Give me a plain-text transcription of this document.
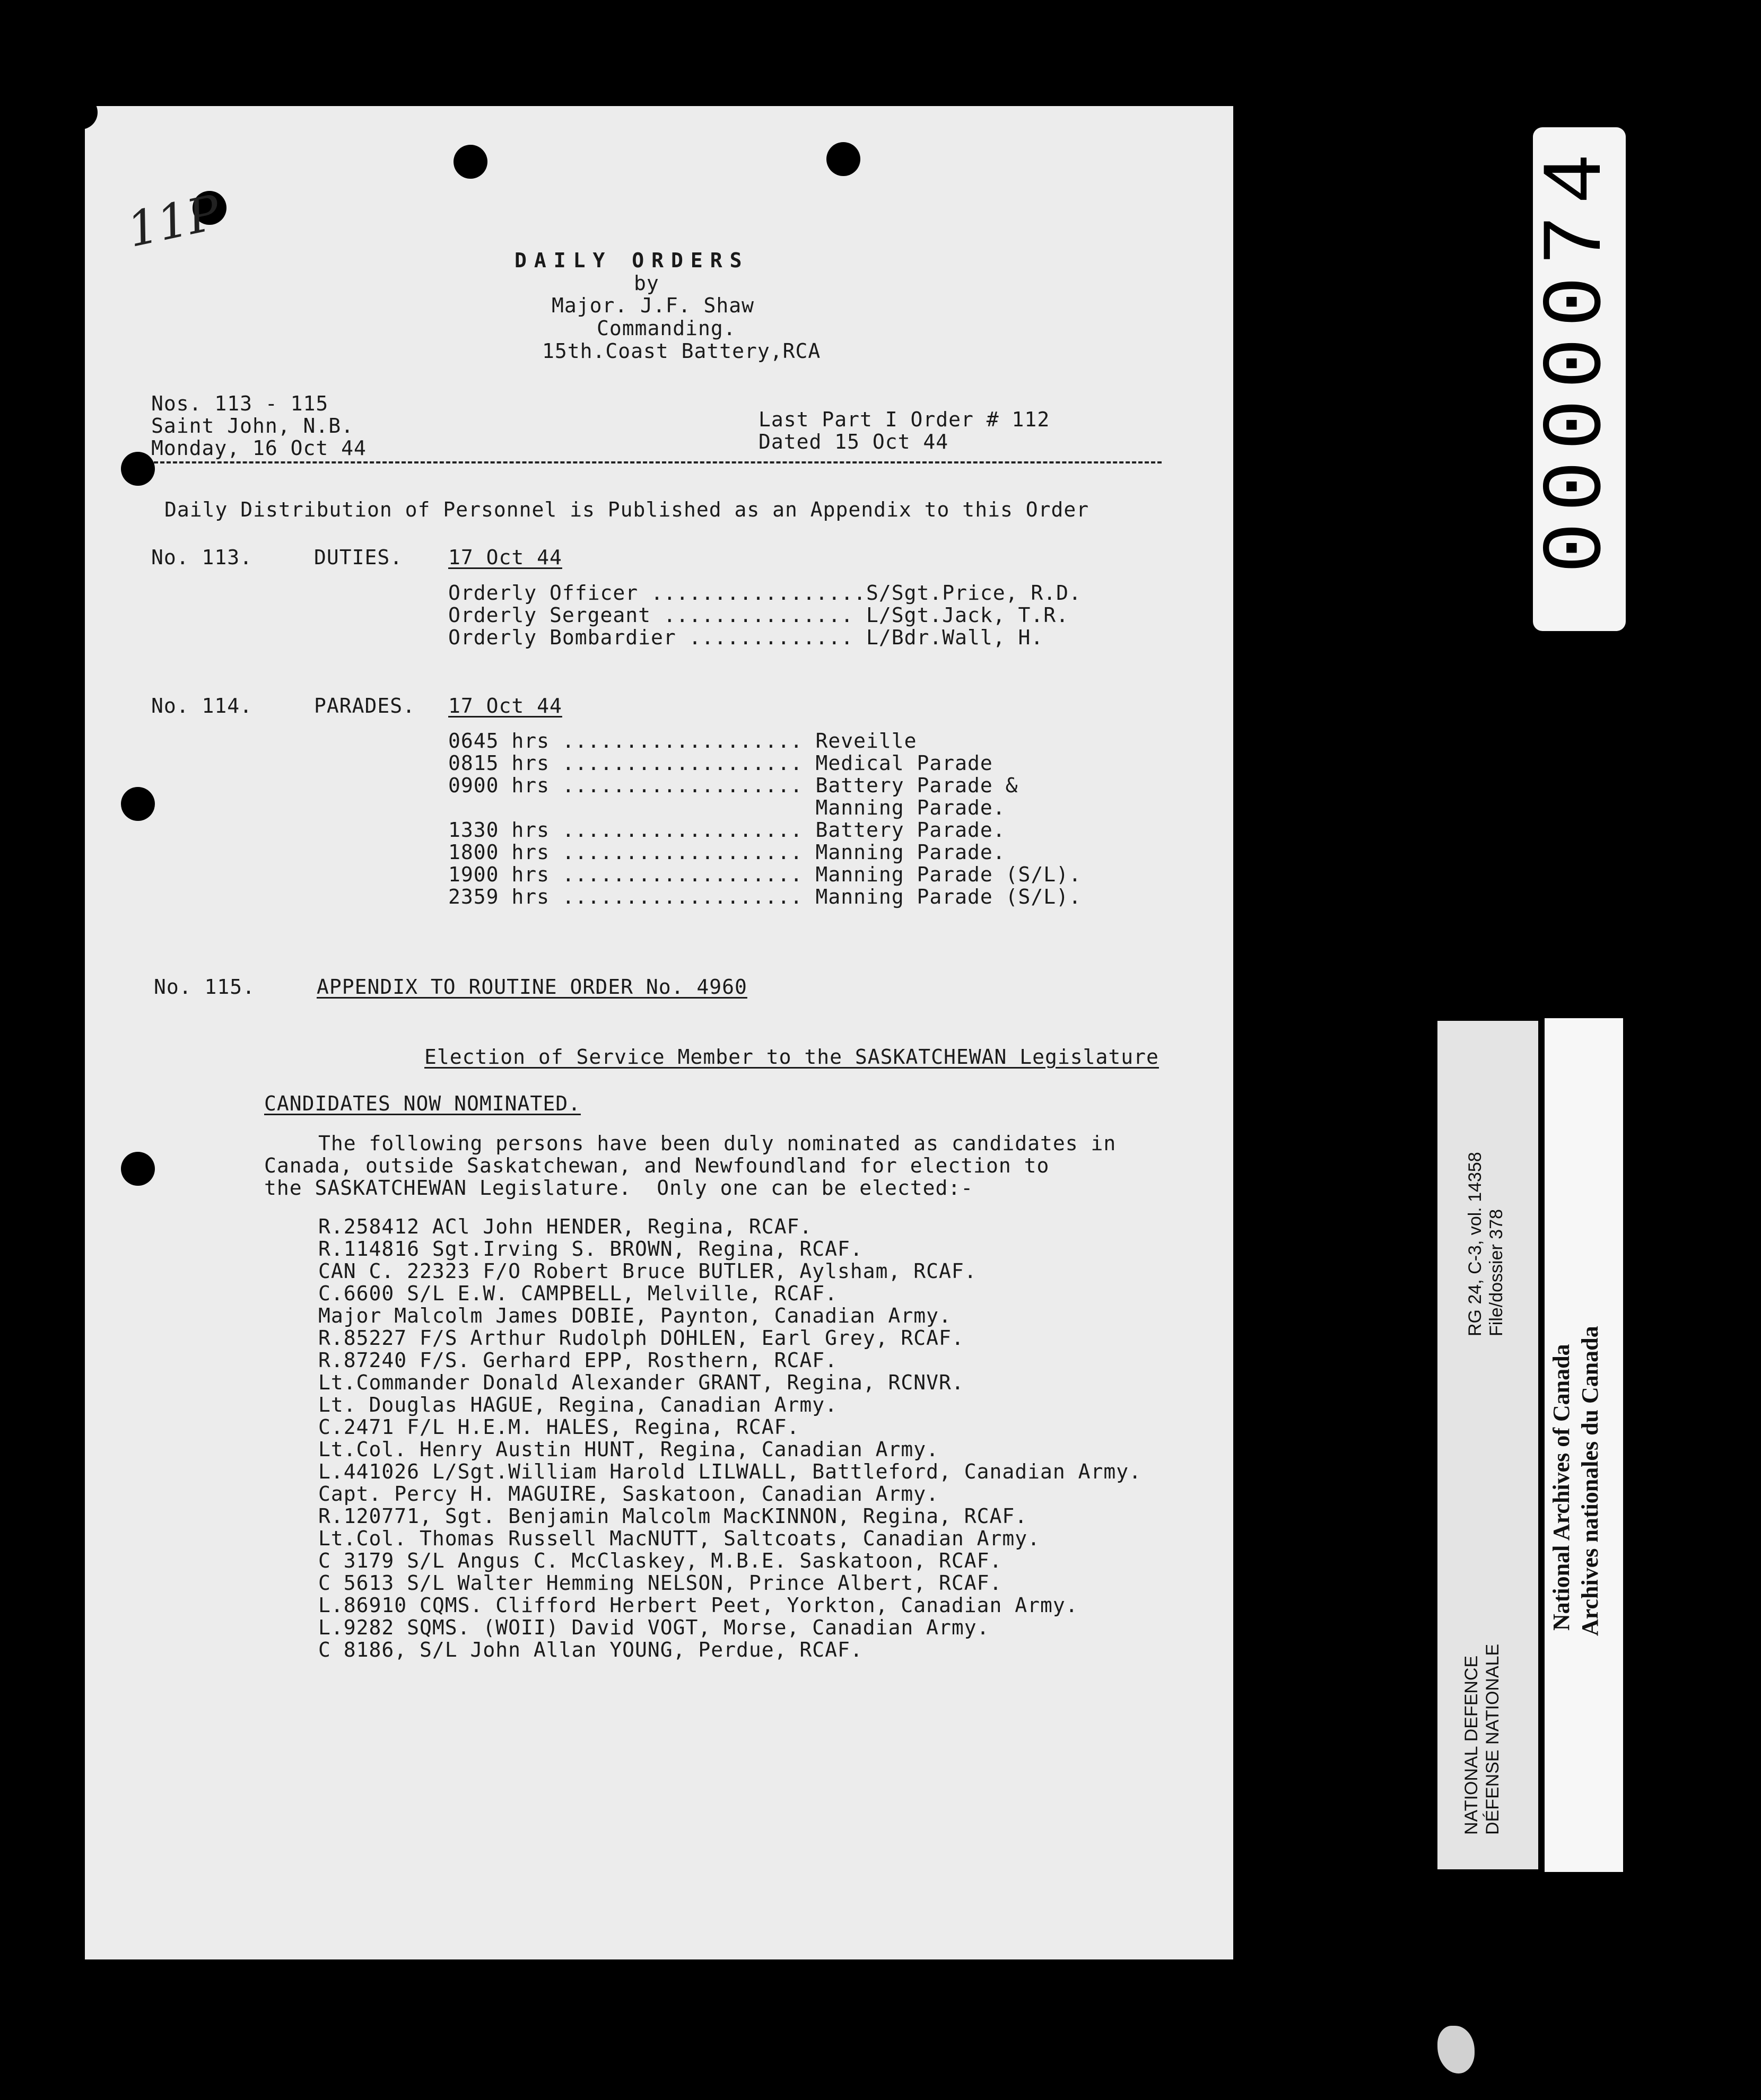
11P
DAILY ORDERS
by
Major. J.F. Shaw
Commanding.
15th.Coast Battery,RCA
Nos. 113 - 115
Saint John, N.B.
Monday, 16 Oct 44
Last Part I Order # 112
Dated 15 Oct 44
Daily Distribution of Personnel is Published as an Appendix to this Order
No. 113.	DUTIES. 17 Oct 44
Orderly Officer .................S/Sgt.Price, R.D.
Orderly Sergeant ............... L/Sgt.Jack, T.R.
Orderly Bombardier ............. L/Bdr.Wall, H.
No. 114.	PARADES. 17 Oct 44
0645 hrs ................... Reveille
0815 hrs ................... Medical Parade
0900 hrs ................... Battery Parade &
Manning Parade.
1330 hrs ................... Battery Parade.
1800 hrs ................... Manning Parade.
1900 hrs ................... Manning Parade (S/L).
2359 hrs ................... Manning Parade (S/L).
No. 115.	APPENDIX TO ROUTINE ORDER No. 4960
Election of Service Member to the SASKATCHEWAN Legislature
CANDIDATES NOW NOMINATED.
The following persons have been duly nominated as candidates in
Canada, outside Saskatchewan, and Newfoundland for election to
the SASKATCHEWAN Legislature.  Only one can be elected:-
R.258412 ACl John HENDER, Regina, RCAF.
R.114816 Sgt.Irving S. BROWN, Regina, RCAF.
CAN C. 22323 F/O Robert Bruce BUTLER, Aylsham, RCAF.
C.6600 S/L E.W. CAMPBELL, Melville, RCAF.
Major Malcolm James DOBIE, Paynton, Canadian Army.
R.85227 F/S Arthur Rudolph DOHLEN, Earl Grey, RCAF.
R.87240 F/S. Gerhard EPP, Rosthern, RCAF.
Lt.Commander Donald Alexander GRANT, Regina, RCNVR.
Lt. Douglas HAGUE, Regina, Canadian Army.
C.2471 F/L H.E.M. HALES, Regina, RCAF.
Lt.Col. Henry Austin HUNT, Regina, Canadian Army.
L.441026 L/Sgt.William Harold LILWALL, Battleford, Canadian Army.
Capt. Percy H. MAGUIRE, Saskatoon, Canadian Army.
R.120771, Sgt. Benjamin Malcolm MacKINNON, Regina, RCAF.
Lt.Col. Thomas Russell MacNUTT, Saltcoats, Canadian Army.
C 3179 S/L Angus C. McClaskey, M.B.E. Saskatoon, RCAF.
C 5613 S/L Walter Hemming NELSON, Prince Albert, RCAF.
L.86910 CQMS. Clifford Herbert Peet, Yorkton, Canadian Army.
L.9282 SQMS. (WOII) David VOGT, Morse, Canadian Army.
C 8186, S/L John Allan YOUNG, Perdue, RCAF.
0000074
RG 24, C-3, vol. 14358 File/dossier 378
NATIONAL DEFENCE DÉFENSE NATIONALE
National Archives of Canada Archives nationales du Canada
